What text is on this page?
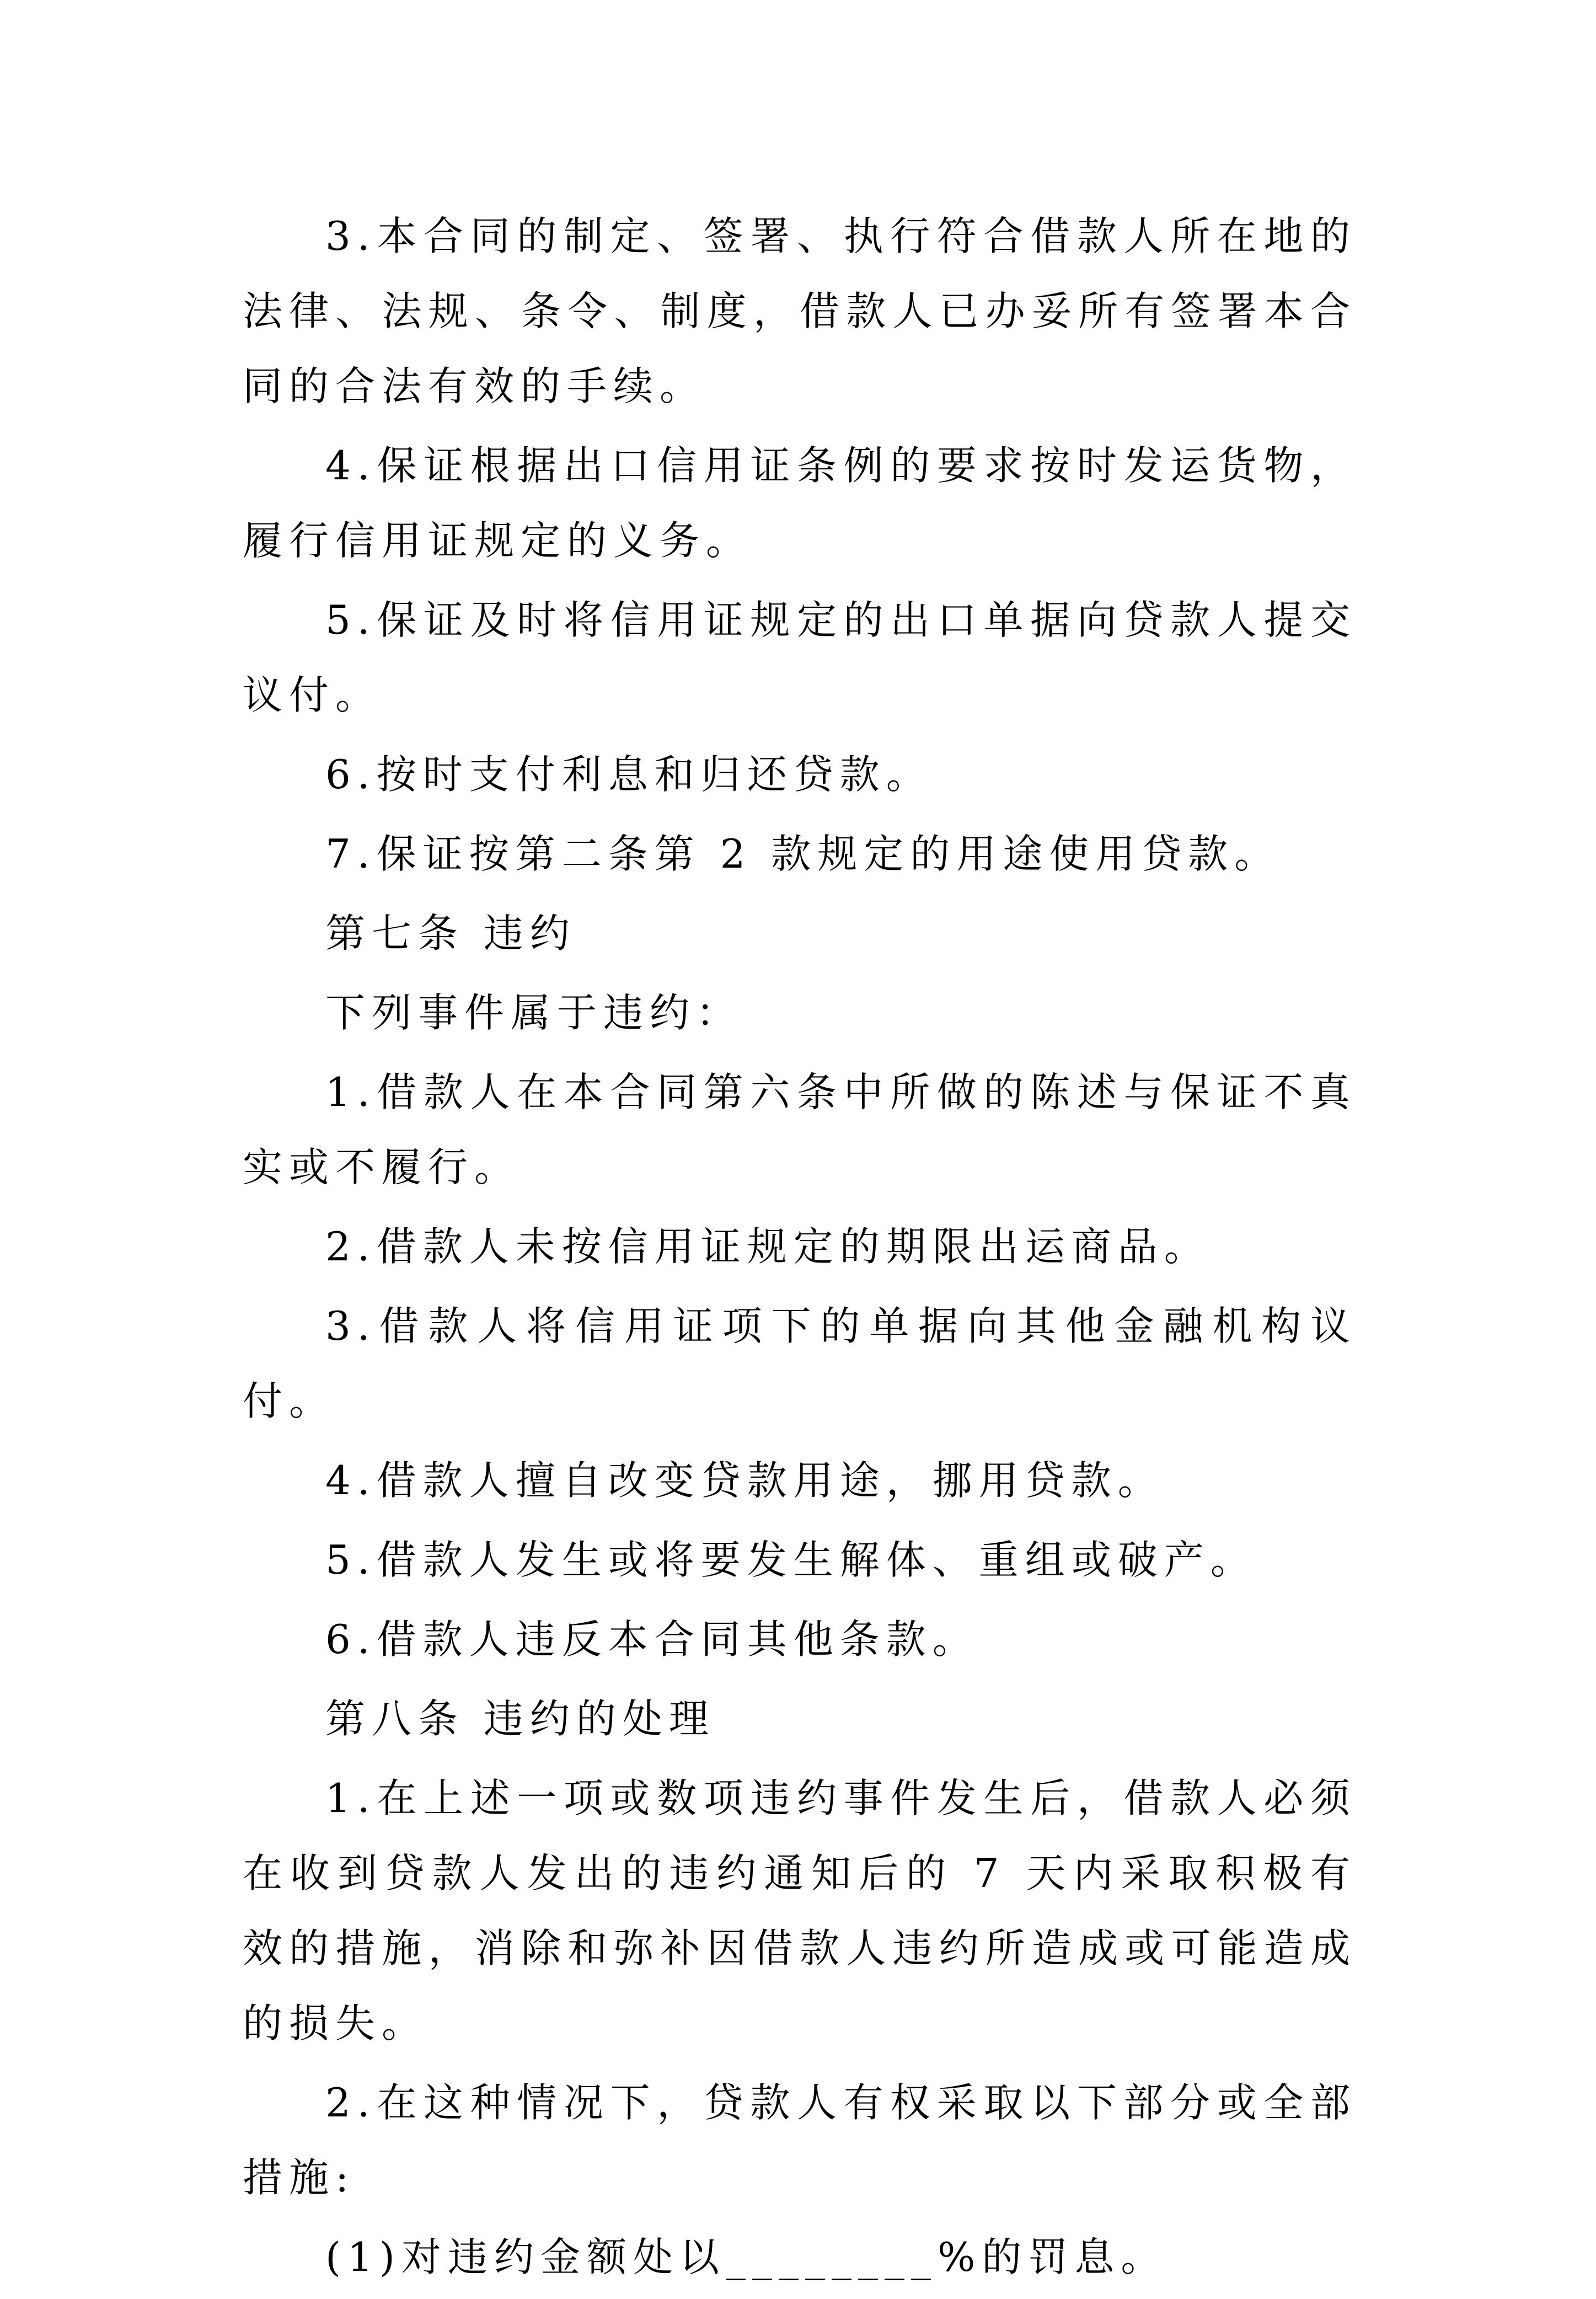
3.本合同的制定、签署、执行符合借款人所在地的法律、法规、条令、制度，借款人已办妥所有签署本合同的合法有效的手续。

4.保证根据出口信用证条例的要求按时发运货物，履行信用证规定的义务。

5.保证及时将信用证规定的出口单据向贷款人提交议付。

6.按时支付利息和归还贷款。

7.保证按第二条第 2 款规定的用途使用贷款。

第七条 违约

下列事件属于违约：

1.借款人在本合同第六条中所做的陈述与保证不真实或不履行。

2.借款人未按信用证规定的期限出运商品。

3.借款人将信用证项下的单据向其他金融机构议付。

4.借款人擅自改变贷款用途，挪用贷款。

5.借款人发生或将要发生解体、重组或破产。

6.借款人违反本合同其他条款。

第八条 违约的处理

1.在上述一项或数项违约事件发生后，借款人必须在收到贷款人发出的违约通知后的 7 天内采取积极有效的措施，消除和弥补因借款人违约所造成或可能造成的损失。

2.在这种情况下，贷款人有权采取以下部分或全部措施:

(1)对违约金额处以________%的罚息。
